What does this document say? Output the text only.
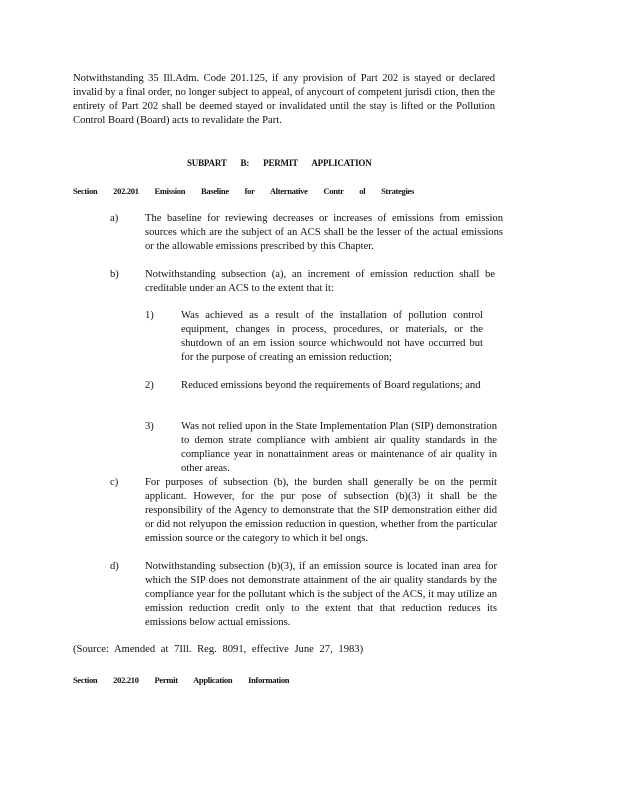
Notwithstanding 35 Ill.Adm. Code 201.125, if any provision of Part 202 is stayed or declared invalid by a final order, no longer subject to appeal, of anycourt of competent jurisdi ction, then the entirety of Part 202 shall be deemed stayed or invalidated until the stay is lifted or the Pollution Control Board (Board) acts to revalidate the Part.
SUBPART B: PERMIT APPLICATION
Section 202.201 Emission Baseline for Alternative Contr ol Strategies
a)	The baseline for reviewing decreases or increases of emissions from emission sources which are the subject of an ACS shall be the lesser of the actual emissions or the allowable emissions prescribed by this Chapter.
b) Notwithstanding subsection (a), an increment of emission reduction shall be creditable under an ACS to the extent that it:
1)	Was achieved as a result of the installation of pollution control equipment, changes in process, procedures, or materials, or the shutdown of an em ission source whichwould not have occurred but for the purpose of creating an emission reduction;
2)	Reduced emissions beyond the requirements of Board regulations; and
3)	Was not relied upon in the State Implementation Plan (SIP) demonstration to demon strate compliance with ambient air quality standards in the compliance year in nonattainment areas or maintenance of air quality in other areas.
c)	For purposes of subsection (b), the burden shall generally be on the permit applicant. However, for the pur pose of subsection (b)(3) it shall be the responsibility of the Agency to demonstrate that the SIP demonstration either did or did not relyupon the emission reduction in question, whether from the particular emission source or the category to which it bel ongs.
d) Notwithstanding subsection (b)(3), if an emission source is located inan area for which the SIP does not demonstrate attainment of the air quality standards by the compliance year for the pollutant which is the subject of the ACS, it may utilize an emission reduction credit only to the extent that that reduction reduces its emissions below actual emissions.
(Source: Amended at 7Ill. Reg. 8091, effective June 27, 1983)
Section 202.210 Permit Application Information
